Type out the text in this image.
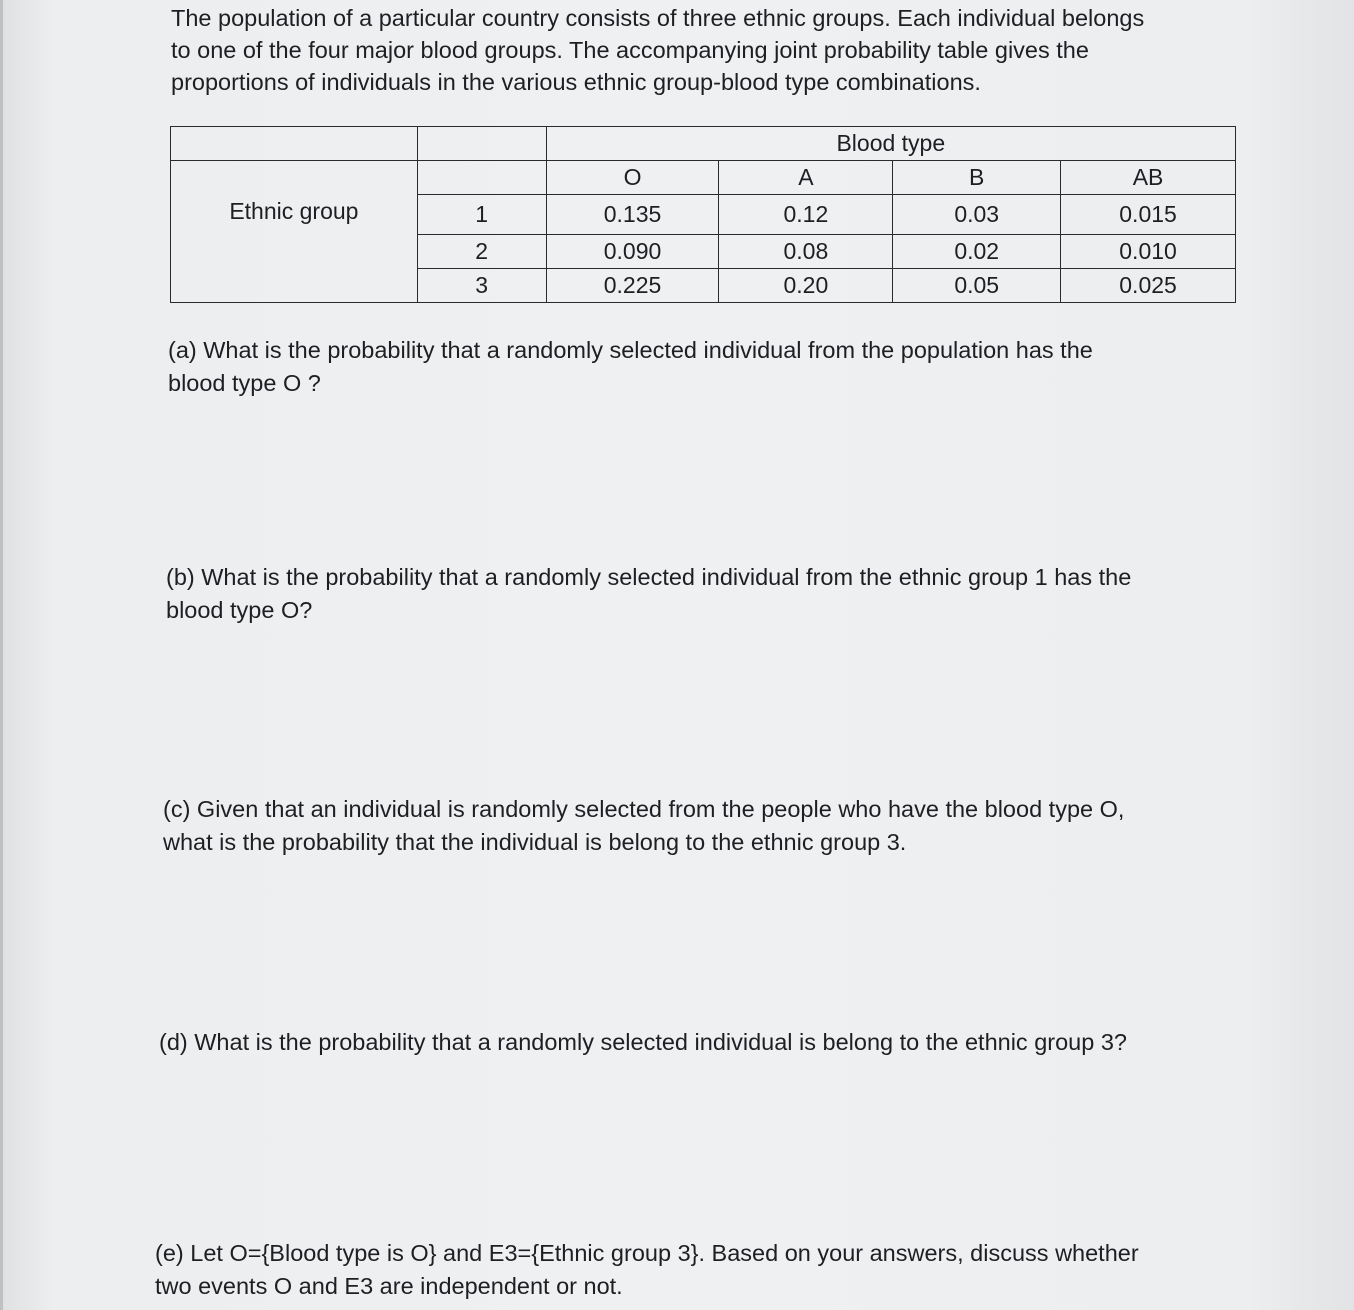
The population of a particular country consists of three ethnic groups. Each individual belongs
to one of the four major blood groups. The accompanying joint probability table gives the
proportions of individuals in the various ethnic group-blood type combinations.

		Blood type			

Ethnic group		O	A	B	AB
	1	0.135	0.12	0.03	0.015
	2	0.090	0.08	0.02	0.010
	3	0.225	0.20	0.05	0.025

(a) What is the probability that a randomly selected individual from the population has the
blood type O ?

(b) What is the probability that a randomly selected individual from the ethnic group 1 has the
blood type O?

(c) Given that an individual is randomly selected from the people who have the blood type O,
what is the probability that the individual is belong to the ethnic group 3.

(d) What is the probability that a randomly selected individual is belong to the ethnic group 3?

(e) Let O={Blood type is O} and E3={Ethnic group 3}. Based on your answers, discuss whether
two events O and E3 are independent or not.
